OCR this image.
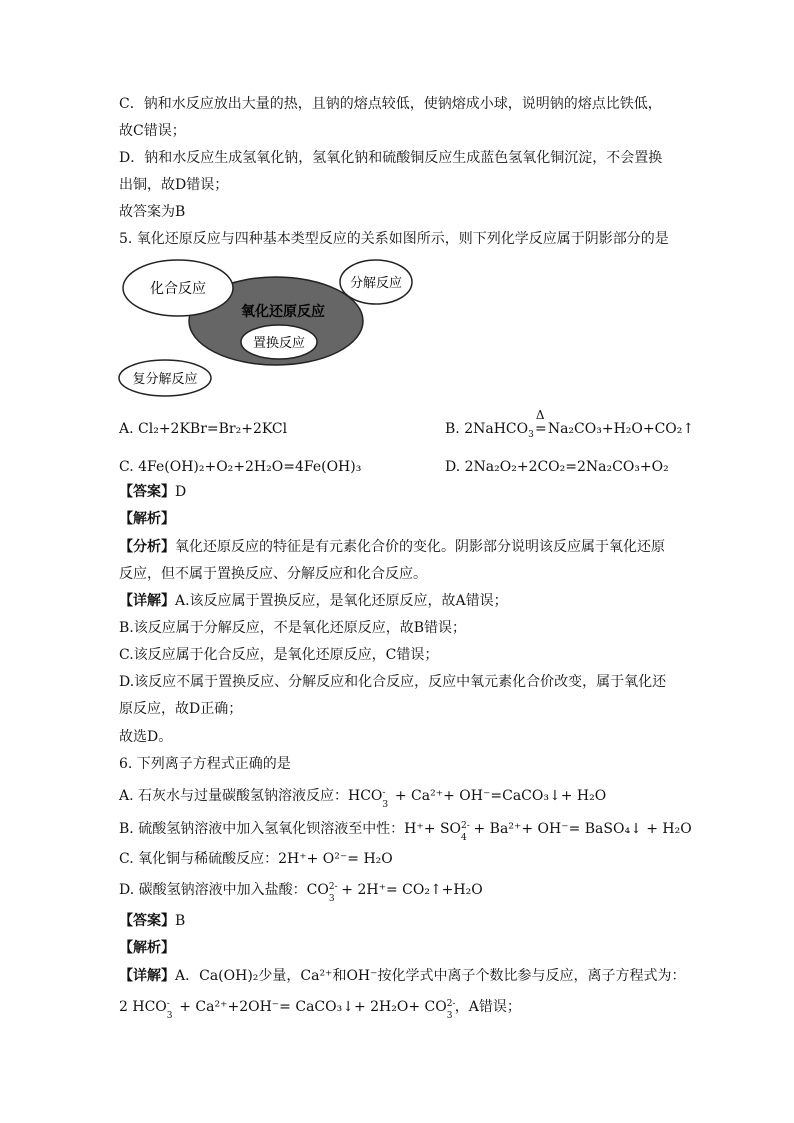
C．钠和水反应放出大量的热，且钠的熔点较低，使钠熔成小球，说明钠的熔点比铁低，
故C错误；
D．钠和水反应生成氢氧化钠，氢氧化钠和硫酸铜反应生成蓝色氢氧化铜沉淀，不会置换
出铜，故D错误；
故答案为B
5. 氧化还原反应与四种基本类型反应的关系如图所示，则下列化学反应属于阴影部分的是
化合反应	分解反应
氧化还原反应
置换反应
复分解反应
A. Cl₂+2KBr=Br₂+2KCl	B. 2NaHCO$_3$
Δ
=Na₂CO₃+H₂O+CO₂↑
C. 4Fe(OH)₂+O₂+2H₂O=4Fe(OH)₃	D. 2Na₂O₂+2CO₂=2Na₂CO₃+O₂
【答案】D
【解析】
【分析】氧化还原反应的特征是有元素化合价的变化。阴影部分说明该反应属于氧化还原
反应，但不属于置换反应、分解反应和化合反应。
【详解】A.该反应属于置换反应，是氧化还原反应，故A错误；
B.该反应属于分解反应，不是氧化还原反应，故B错误；
C.该反应属于化合反应，是氧化还原反应，C错误；
D.该反应不属于置换反应、分解反应和化合反应，反应中氧元素化合价改变，属于氧化还
原反应，故D正确；
故选D。
6. 下列离子方程式正确的是
A. 石灰水与过量碳酸氢钠溶液反应：HCO -
3
+ Ca²⁺+ OH⁻=CaCO₃↓+ H₂O
B. 硫酸氢钠溶液中加入氢氧化钡溶液至中性：H⁺+ SO 2-
4
+ Ba²⁺+ OH⁻= BaSO₄↓ + H₂O
C. 氧化铜与稀硫酸反应：2H⁺+ O²⁻= H₂O
D. 碳酸氢钠溶液中加入盐酸：CO 2-
3
+ 2H⁺= CO₂↑+H₂O
【答案】B
【解析】
【详解】A．Ca(OH)₂少量，Ca²⁺和OH⁻按化学式中离子个数比参与反应，离子方程式为：
2 HCO -
3
+ Ca²⁺+2OH⁻= CaCO₃↓+ 2H₂O+ CO 2-
3
，A错误；
